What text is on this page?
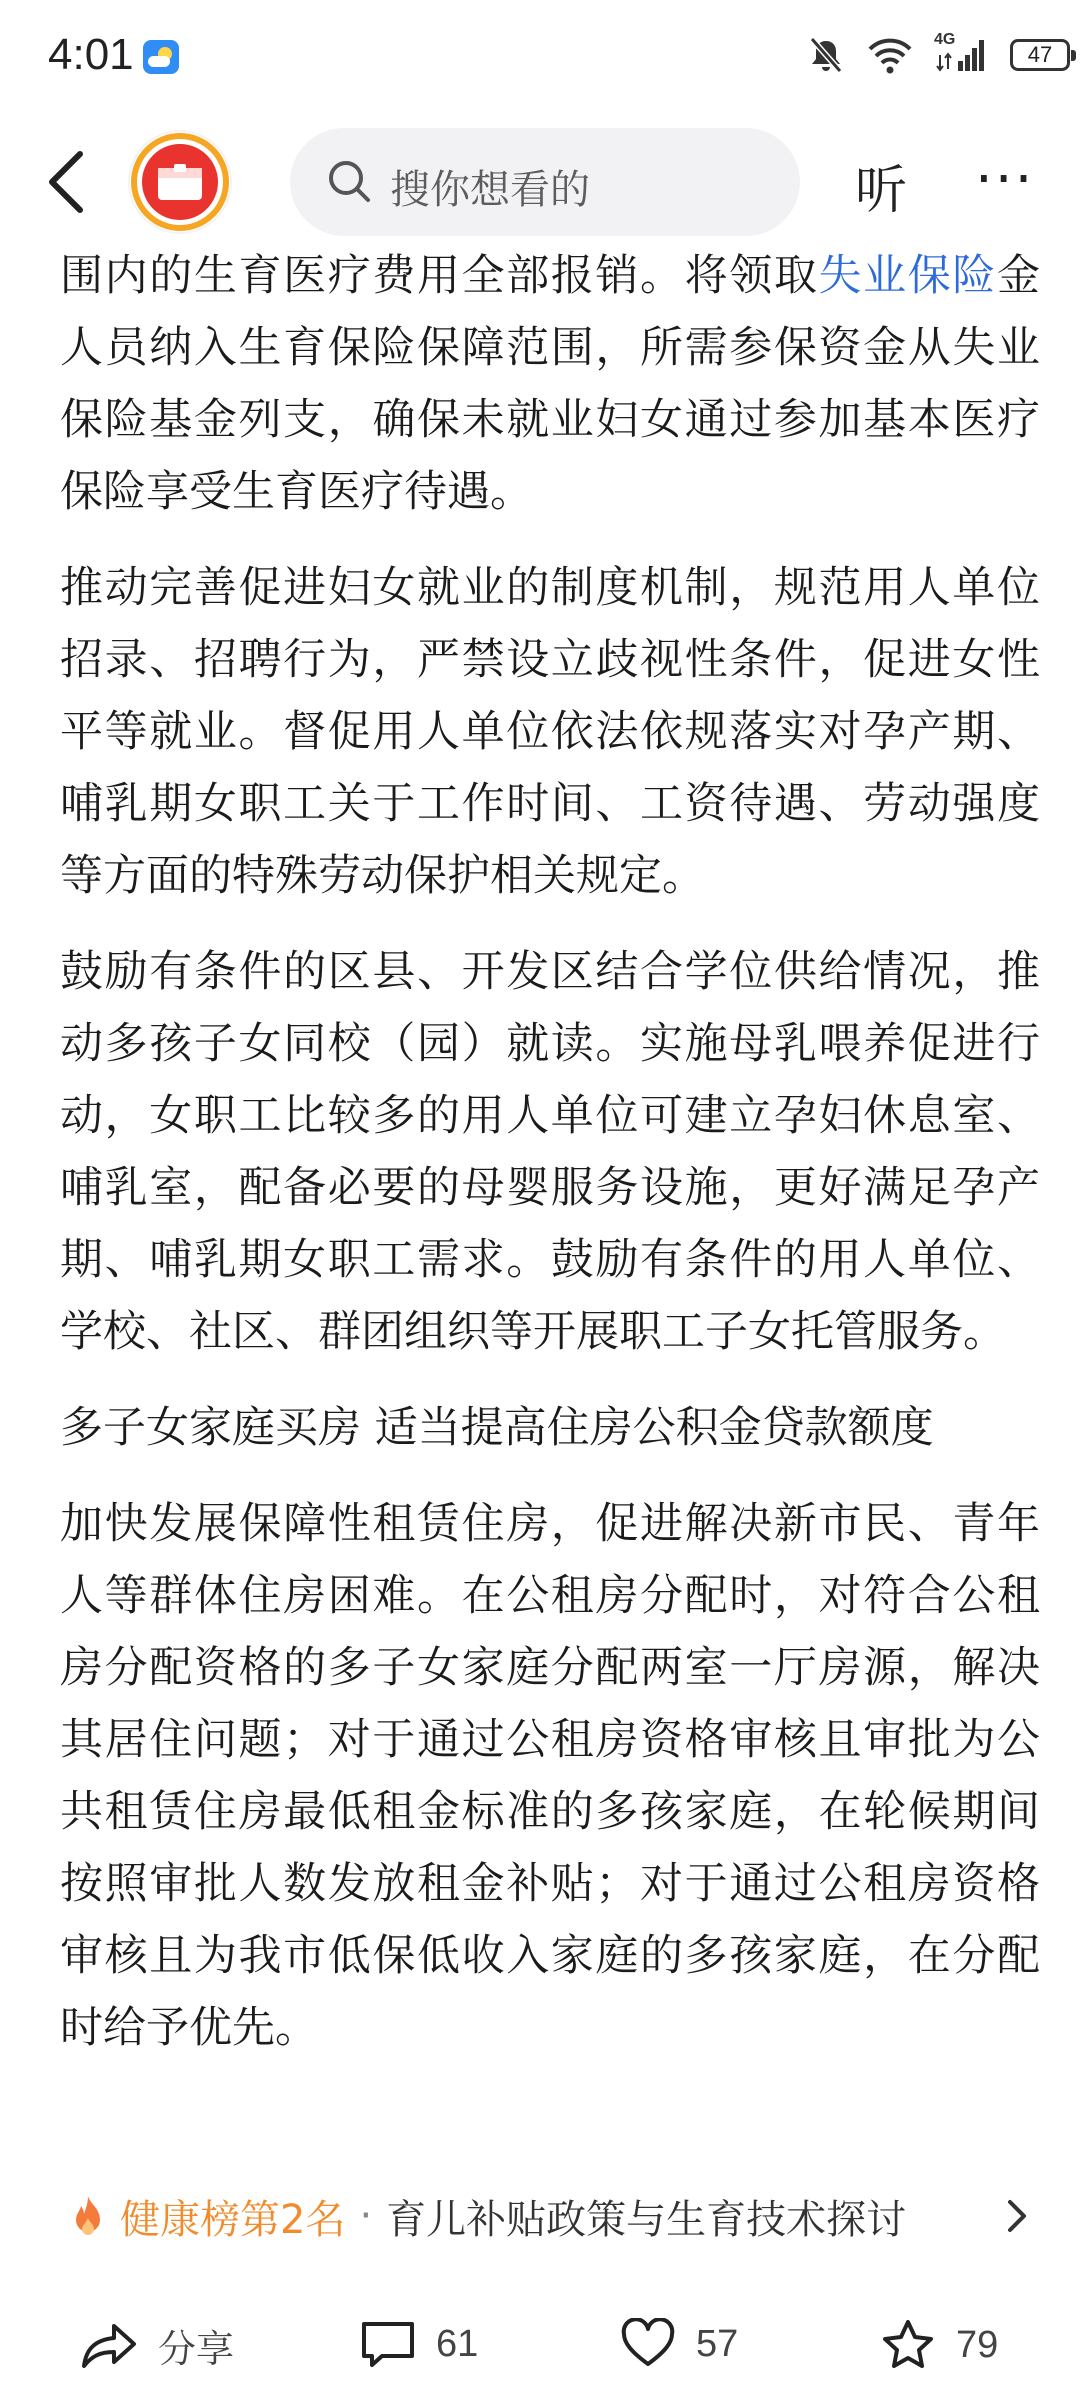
4:01	4G
47
搜你想看的	听 ···

围内的生育医疗费用全部报销。将领取失业保险金人员纳入生育保险保障范围，所需参保资金从失业保险基金列支，确保未就业妇女通过参加基本医疗保险享受生育医疗待遇。

推动完善促进妇女就业的制度机制，规范用人单位招录、招聘行为，严禁设立歧视性条件，促进女性平等就业。督促用人单位依法依规落实对孕产期、哺乳期女职工关于工作时间、工资待遇、劳动强度等方面的特殊劳动保护相关规定。

鼓励有条件的区县、开发区结合学位供给情况，推动多孩子女同校（园）就读。实施母乳喂养促进行动，女职工比较多的用人单位可建立孕妇休息室、哺乳室，配备必要的母婴服务设施，更好满足孕产期、哺乳期女职工需求。鼓励有条件的用人单位、学校、社区、群团组织等开展职工子女托管服务。

多子女家庭买房 适当提高住房公积金贷款额度

加快发展保障性租赁住房，促进解决新市民、青年人等群体住房困难。在公租房分配时，对符合公租房分配资格的多子女家庭分配两室一厅房源，解决其居住问题；对于通过公租房资格审核且审批为公共租赁住房最低租金标准的多孩家庭，在轮候期间按照审批人数发放租金补贴；对于通过公租房资格审核且为我市低保低收入家庭的多孩家庭，在分配时给予优先。

健康榜第2名 · 育儿补贴政策与生育技术探讨
分享	61	57	79
